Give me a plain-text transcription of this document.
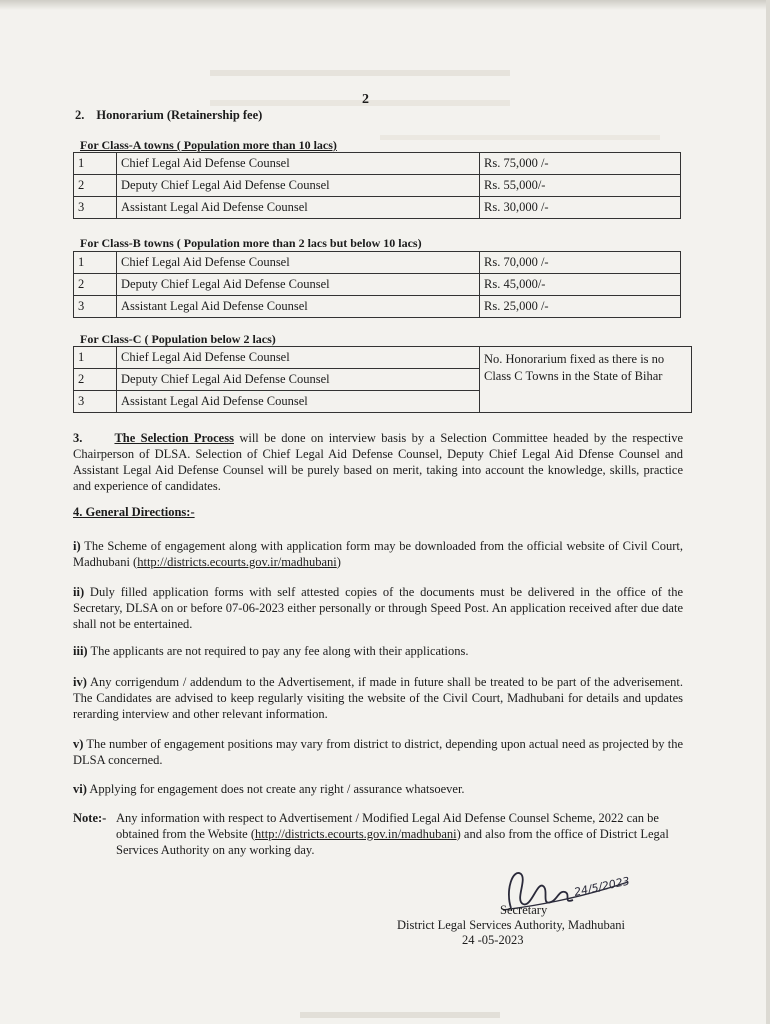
2
2. Honorarium (Retainership fee)
For Class-A towns ( Population more than 10 lacs)
1	Chief Legal Aid Defense Counsel	Rs. 75,000 /-
2	Deputy Chief Legal Aid Defense Counsel	Rs. 55,000/-
3	Assistant Legal Aid Defense Counsel	Rs. 30,000 /-
For Class-B towns ( Population more than 2 lacs but below 10 lacs)
1	Chief Legal Aid Defense Counsel	Rs. 70,000 /-
2	Deputy Chief Legal Aid Defense Counsel	Rs. 45,000/-
3	Assistant Legal Aid Defense Counsel	Rs. 25,000 /-
For Class-C ( Population below 2 lacs)
1	Chief Legal Aid Defense Counsel	No. Honorarium fixed as there is no Class C Towns in the State of Bihar
2	Deputy Chief Legal Aid Defense Counsel	
3	Assistant Legal Aid Defense Counsel	
3.	The Selection Process will be done on interview basis by a Selection Committee headed by the respective Chairperson of DLSA. Selection of Chief Legal Aid Defense Counsel, Deputy Chief Legal Aid Dfense Counsel and Assistant Legal Aid Defense Counsel will be purely based on merit, taking into account the knowledge, skills, practice and experience of candidates.
4. General Directions:-
i) The Scheme of engagement along with application form may be downloaded from the official website of Civil Court, Madhubani (http://districts.ecourts.gov.ir/madhubani)
ii) Duly filled application forms with self attested copies of the documents must be delivered in the office of the Secretary, DLSA on or before 07-06-2023 either personally or through Speed Post. An application received after due date shall not be entertained.
iii) The applicants are not required to pay any fee along with their applications.
iv) Any corrigendum / addendum to the Advertisement, if made in future shall be treated to be part of the adverisement. The Candidates are advised to keep regularly visiting the website of the Civil Court, Madhubani for details and updates rerarding interview and other relevant information.
v) The number of engagement positions may vary from district to district, depending upon actual need as projected by the DLSA concerned.
vi) Applying for engagement does not create any right / assurance whatsoever.
Note:- Any information with respect to Advertisement / Modified Legal Aid Defense Counsel Scheme, 2022 can be obtained from the Website (http://districts.ecourts.gov.in/madhubani) and also from the office of District Legal Services Authority on any working day.
24/5/2023
Secretary
District Legal Services Authority, Madhubani
24 -05-2023
